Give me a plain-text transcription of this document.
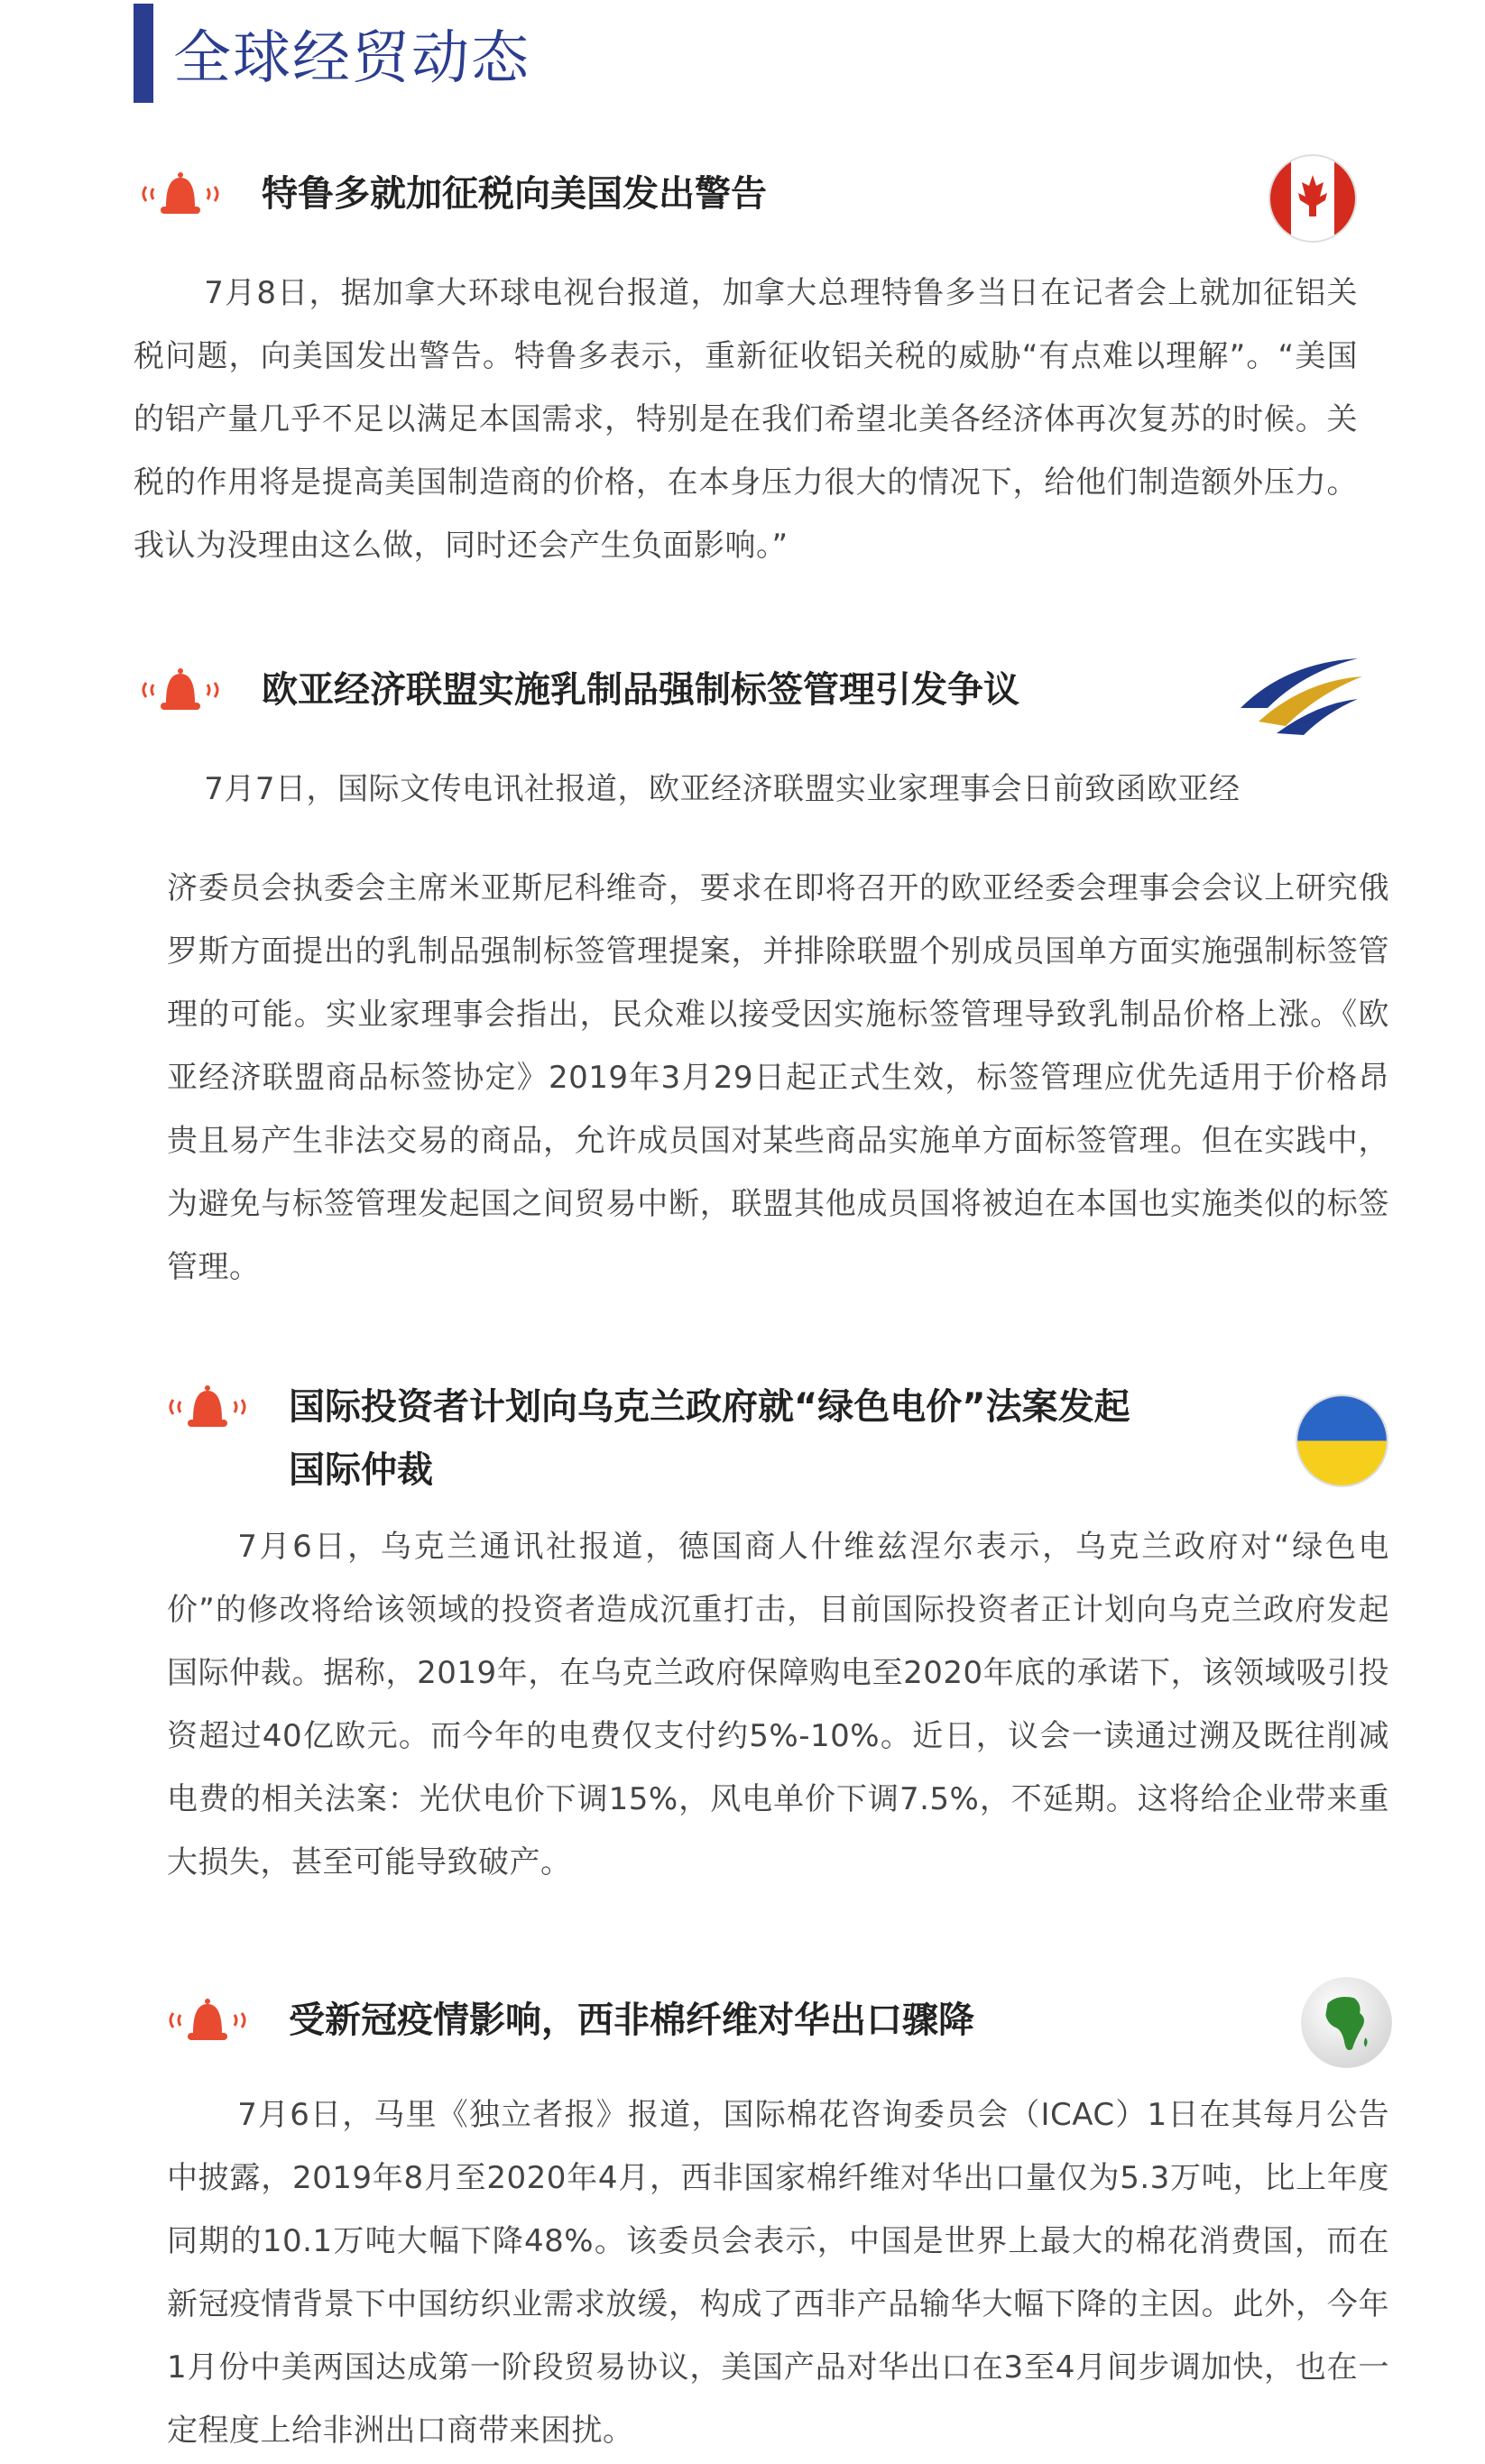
全球经贸动态
特鲁多就加征税向美国发出警告

7月8日，据加拿大环球电视台报道，加拿大总理特鲁多当日在记者会上就加征铝关税问题，向美国发出警告。特鲁多表示，重新征收铝关税的威胁“有点难以理解”。“美国的铝产量几乎不足以满足本国需求，特别是在我们希望北美各经济体再次复苏的时候。关税的作用将是提高美国制造商的价格，在本身压力很大的情况下，给他们制造额外压力。我认为没理由这么做，同时还会产生负面影响。”

欧亚经济联盟实施乳制品强制标签管理引发争议

7月7日，国际文传电讯社报道，欧亚经济联盟实业家理事会日前致函欧亚经

济委员会执委会主席米亚斯尼科维奇，要求在即将召开的欧亚经委会理事会会议上研究俄罗斯方面提出的乳制品强制标签管理提案，并排除联盟个别成员国单方面实施强制标签管理的可能。实业家理事会指出，民众难以接受因实施标签管理导致乳制品价格上涨。《欧亚经济联盟商品标签协定》2019年3月29日起正式生效，标签管理应优先适用于价格昂贵且易产生非法交易的商品，允许成员国对某些商品实施单方面标签管理。但在实践中，为避免与标签管理发起国之间贸易中断，联盟其他成员国将被迫在本国也实施类似的标签管理。

国际投资者计划向乌克兰政府就“绿色电价”法案发起
国际仲裁

7月6日，乌克兰通讯社报道，德国商人什维兹涅尔表示，乌克兰政府对“绿色电价”的修改将给该领域的投资者造成沉重打击，目前国际投资者正计划向乌克兰政府发起国际仲裁。据称，2019年，在乌克兰政府保障购电至2020年底的承诺下，该领域吸引投资超过40亿欧元。而今年的电费仅支付约5%-10%。近日，议会一读通过溯及既往削减电费的相关法案：光伏电价下调15%，风电单价下调7.5%，不延期。这将给企业带来重大损失，甚至可能导致破产。

受新冠疫情影响，西非棉纤维对华出口骤降

7月6日，马里《独立者报》报道，国际棉花咨询委员会（ICAC）1日在其每月公告中披露，2019年8月至2020年4月，西非国家棉纤维对华出口量仅为5.3万吨，比上年度同期的10.1万吨大幅下降48%。该委员会表示，中国是世界上最大的棉花消费国，而在新冠疫情背景下中国纺织业需求放缓，构成了西非产品输华大幅下降的主因。此外，今年1月份中美两国达成第一阶段贸易协议，美国产品对华出口在3至4月间步调加快，也在一定程度上给非洲出口商带来困扰。
